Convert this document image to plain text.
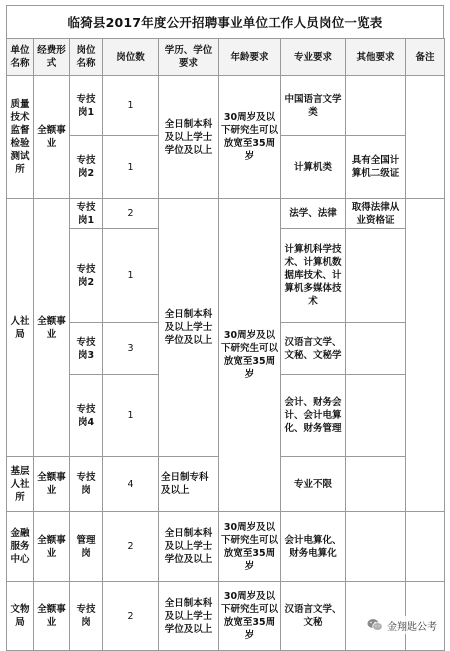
临猗县2017年度公开招聘事业单位工作人员岗位一览表
单位名称	经费形式	岗位名称	岗位数	学历、学位要求	年龄要求	专业要求	其他要求	备注
质量技术监督检验测试所	全额事业	专技岗1	1	全日制本科及以上学士学位及以上	30周岁及以下研究生可以放宽至35周岁	中国语言文学类		
		专技岗2	1			计算机类	具有全国计算机二级证	
人社局	全额事业	专技岗1	2	全日制本科及以上学士学位及以上	30周岁及以下研究生可以放宽至35周岁	法学、法律	取得法律从业资格证	
		专技岗2	1			计算机科学技术、计算机数据库技术、计算机多媒体技术		
		专技岗3	3			汉语言文学、文秘、文秘学		
		专技岗4	1			会计、财务会计、会计电算化、财务管理		
基层人社所	全额事业	专技岗	4	全日制专科及以上		专业不限		
金融服务中心	全额事业	管理岗	2	全日制本科及以上学士学位及以上	30周岁及以下研究生可以放宽至35周岁	会计电算化、财务电算化		
文物局	全额事业	专技岗	2	全日制本科及以上学士学位及以上	30周岁及以下研究生可以放宽至35周岁	汉语言文学、文秘			金翔匙公考
